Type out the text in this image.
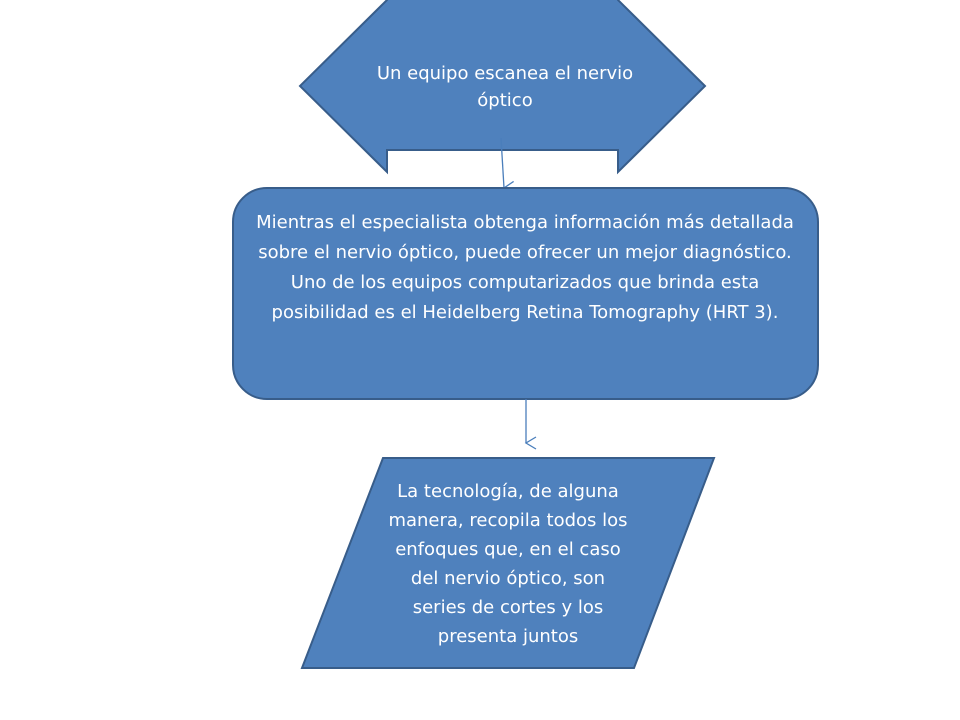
Un equipo escanea el nervio óptico
Mientras el especialista obtenga información más detallada sobre el nervio óptico, puede ofrecer un mejor diagnóstico. Uno de los equipos computarizados que brinda esta posibilidad es el Heidelberg Retina Tomography (HRT 3).
La tecnología, de alguna manera, recopila todos los enfoques que, en el caso del nervio óptico, son series de cortes y los presenta juntos
